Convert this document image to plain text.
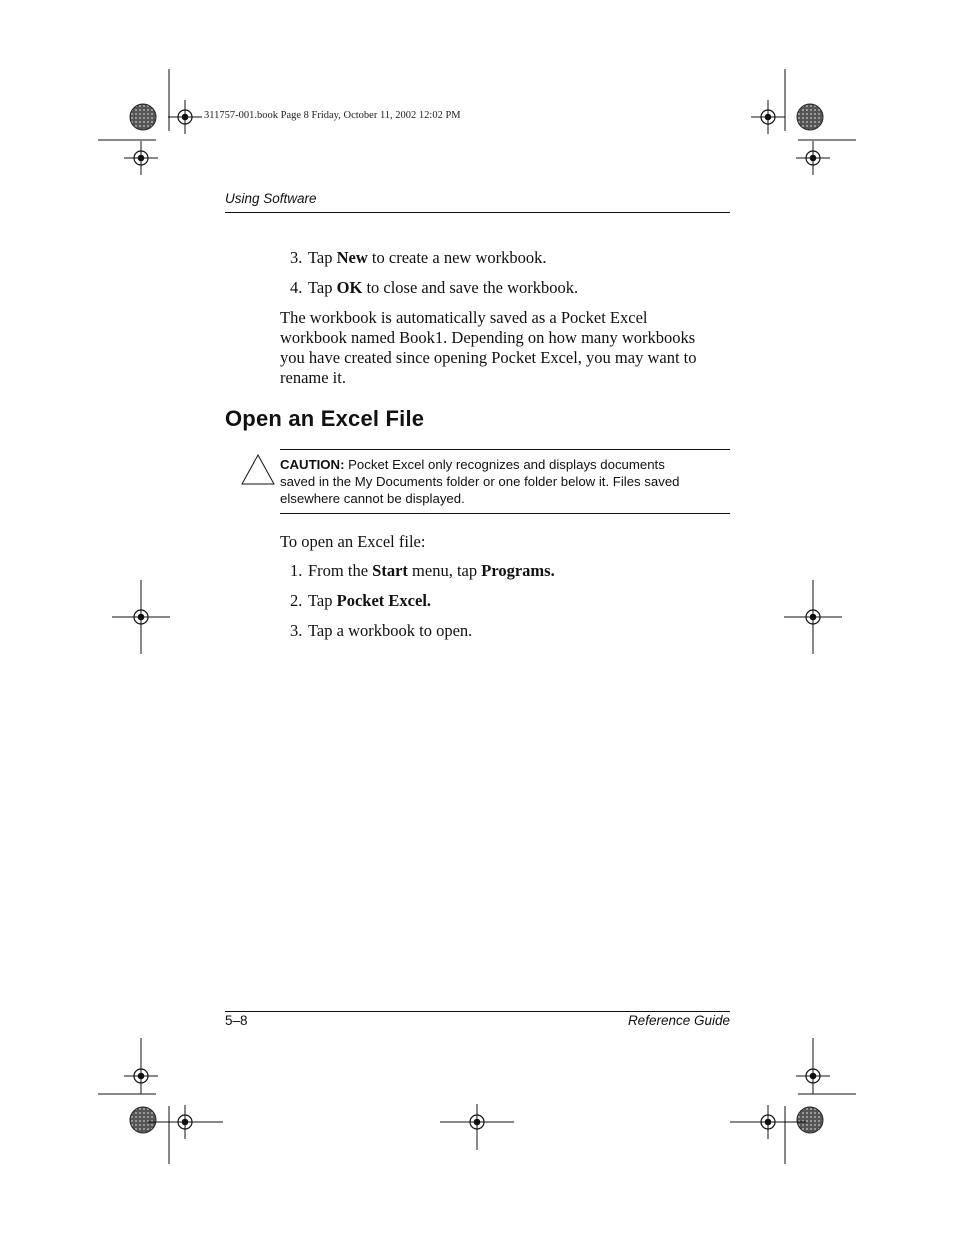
311757-001.book Page 8 Friday, October 11, 2002 12:02 PM
Using Software
3. Tap New to create a new workbook.
4. Tap OK to close and save the workbook.
The workbook is automatically saved as a Pocket Excel
workbook named Book1. Depending on how many workbooks
you have created since opening Pocket Excel, you may want to
rename it.
Open an Excel File
CAUTION: Pocket Excel only recognizes and displays documents
saved in the My Documents folder or one folder below it. Files saved
elsewhere cannot be displayed.
To open an Excel file:
1. From the Start menu, tap Programs.
2. Tap Pocket Excel.
3. Tap a workbook to open.
5–8	Reference Guide
